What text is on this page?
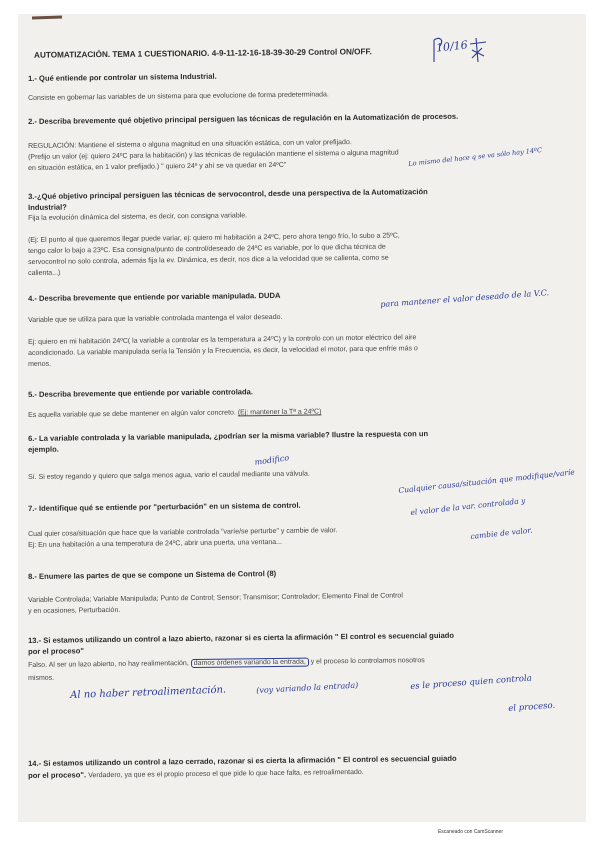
AUTOMATIZACIÓN. TEMA 1 CUESTIONARIO. 4-9-11-12-16-18-39-30-29 Control ON/OFF.	10/16
1.- Qué entiende por controlar un sistema Industrial.
Consiste en gobernar las variables de un sistema para que evolucione de forma predeterminada.
2.- Describa brevemente qué objetivo principal persiguen las técnicas de regulación en la Automatización de procesos.
REGULACIÓN: Mantiene el sistema o alguna magnitud en una situación estática, con un valor prefijado.
(Prefijo un valor (ej: quiero 24ºC para la habitación) y las técnicas de regulación mantiene el sistema o alguna magnitud
en situación estática, en 1 valor prefijado.) " quiero 24º y ahí se va quedar en 24ºC"	Lo mismo del hace q se va sólo hay 14ºC
3.-¿Qué objetivo principal persiguen las técnicas de servocontrol, desde una perspectiva de la Automatización
Industrial?
Fija la evolución dinámica del sistema, es decir, con consigna variable.
(Ej: El punto al que queremos llegar puede variar, ej: quiero mi habitación a 24ºC, pero ahora tengo frío, lo subo a 25ºC,
tengo calor lo bajo a 23ºC. Esa consigna/punto de control/deseado de 24ºC es variable, por lo que dicha técnica de
servocontrol no solo controla, además fija la ev. Dinámica, es decir, nos dice a la velocidad que se calienta, como se
calienta...)
4.- Describa brevemente que entiende por variable manipulada. DUDA
Variable que se utiliza para que la variable controlada mantenga el valor deseado.
para mantener el valor deseado de la V.C.
Ej: quiero en mi habitación 24ºC( la variable a controlar es la temperatura a 24ºC) y la controlo con un motor eléctrico del aire
acondicionado. La variable manipulada sería la Tensión y la Frecuencia, es decir, la velocidad el motor, para que enfríe más o
menos.
5.- Describa brevemente que entiende por variable controlada.
Es aquella variable que se debe mantener en algún valor concreto. (Ej: mantener la Tª a 24ºC)
6.- La variable controlada y la variable manipulada, ¿podrían ser la misma variable? Ilustre la respuesta con un
ejemplo.
modifico
Sí. Si estoy regando y quiero que salga menos agua, vario el caudal mediante una válvula.
7.- Identifique qué se entiende por "perturbación" en un sistema de control.
Cualquier causa/situación que modifique/varíe
el valor de la var. controlada y
cambie de valor.
Cual quier cosa/situación que hace que la variable controlada "varíe/se perturbe" y cambie de valor.
Ej: En una habitación a una temperatura de 24ºC, abrir una puerta, una ventana...
8.- Enumere las partes de que se compone un Sistema de Control (8)
Variable Controlada; Variable Manipulada; Punto de Control; Sensor; Transmisor; Controlador; Elemento Final de Control
y en ocasiones, Perturbación.
13.- Si estamos utilizando un control a lazo abierto, razonar si es cierta la afirmación " El control es secuencial guiado
por el proceso"
Falso. Al ser un lazo abierto, no hay realimentación, damos órdenes variando la entrada, y el proceso lo controlamos nosotros
mismos.
Al no haber retroalimentación.	(voy variando la entrada)	es le proceso quien controla
el proceso.
14.- Si estamos utilizando un control a lazo cerrado, razonar si es cierta la afirmación " El control es secuencial guiado
por el proceso". Verdadero, ya que es el propio proceso el que pide lo que hace falta, es retroalimentado.
Escaneado con CamScanner
